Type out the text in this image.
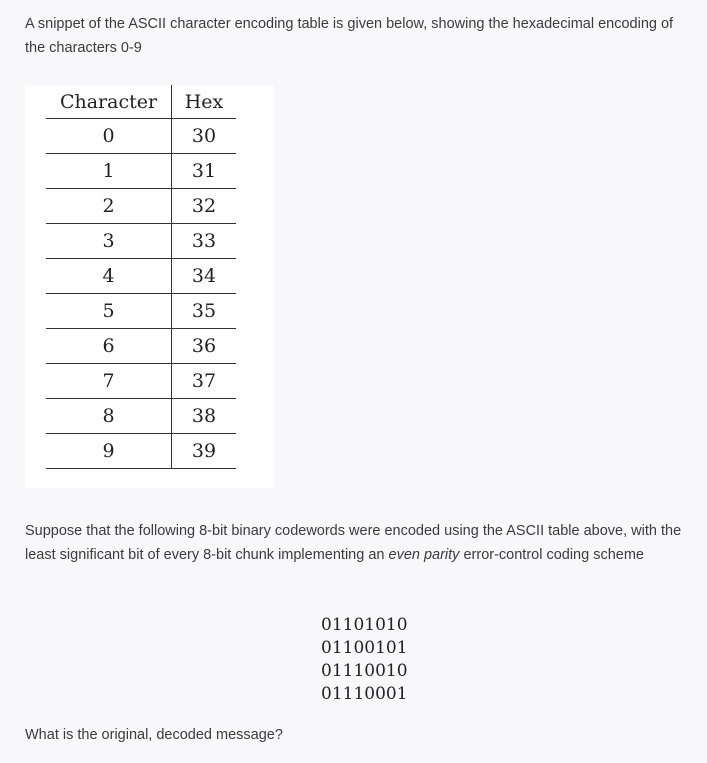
A snippet of the ASCII character encoding table is given below, showing the hexadecimal encoding of the characters 0-9
Character	Hex
0	30
1	31
2	32
3	33
4	34
5	35
6	36
7	37
8	38
9	39
Suppose that the following 8-bit binary codewords were encoded using the ASCII table above, with the least significant bit of every 8-bit chunk implementing an even parity error-control coding scheme
01101010
01100101
01110010
01110001
What is the original, decoded message?
